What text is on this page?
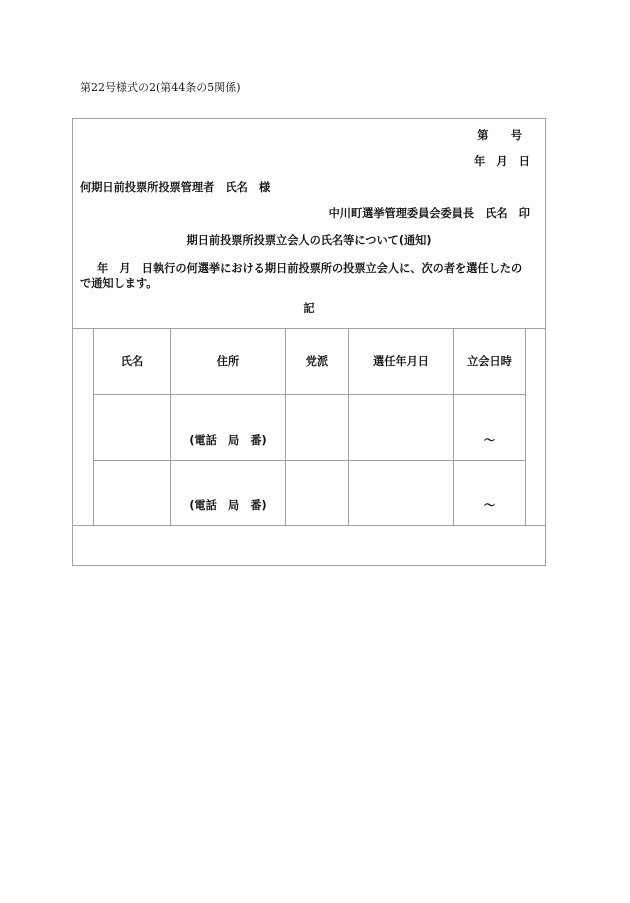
第22号様式の2(第44条の5関係)
第　　号
年　月　日
何期日前投票所投票管理者　氏名　様
中川町選挙管理委員会委員長　氏名　印
期日前投票所投票立会人の氏名等について(通知)
年　月　日執行の何選挙における期日前投票所の投票立会人に、次の者を選任したので通知します。
記
氏名	住所	党派	選任年月日	立会日時
	(電話　局　番)			～
	(電話　局　番)			～
